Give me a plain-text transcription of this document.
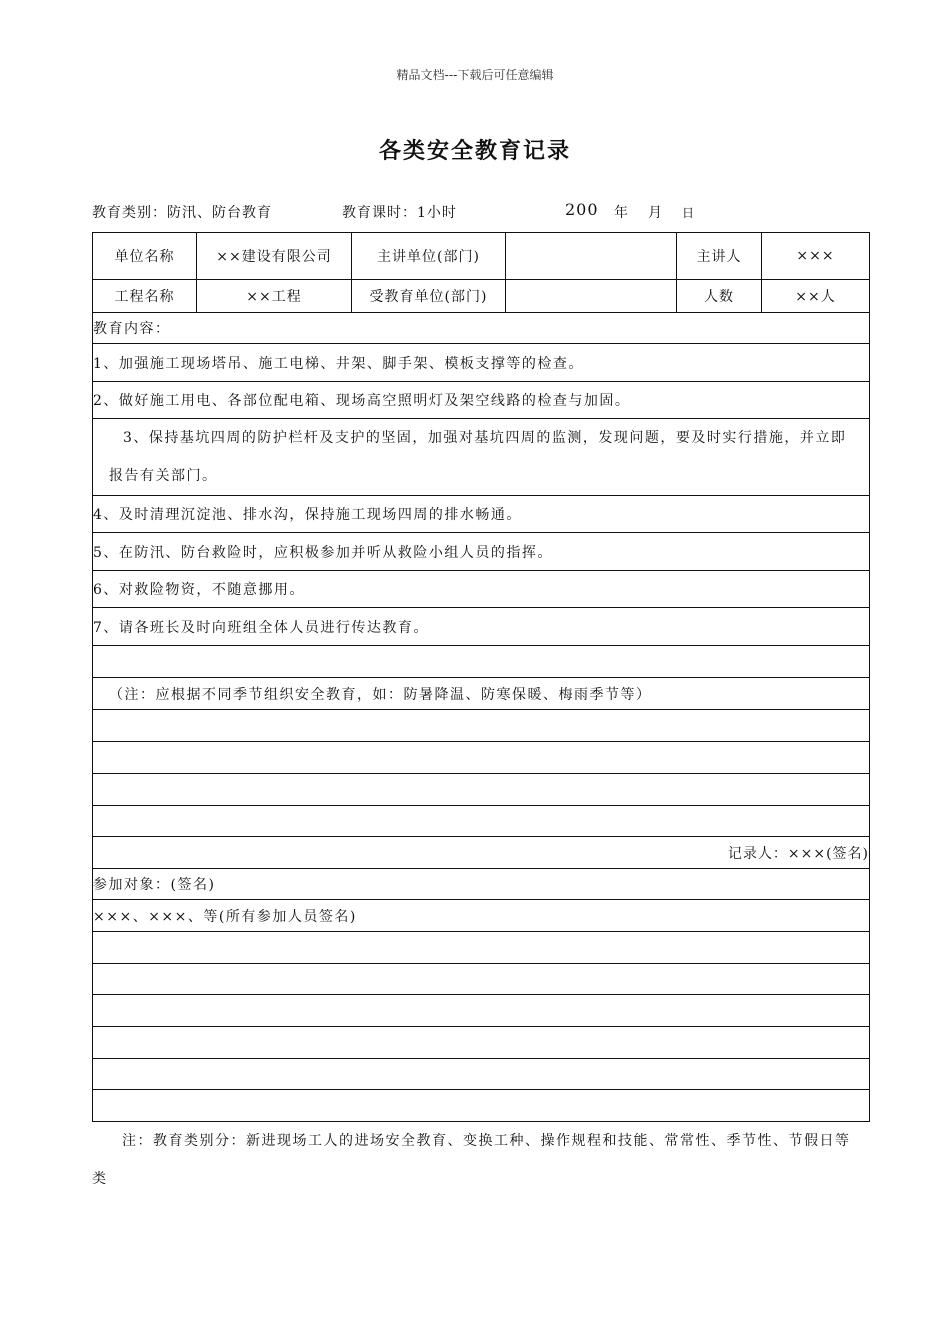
精品文档---下载后可任意编辑
各类安全教育记录
教育类别：防汛、防台教育	教育课时：1小时	200 年 月 日
单位名称	××建设有限公司	主讲单位(部门)		主讲人	×××
工程名称	××工程	受教育单位(部门)		人数	××人
教育内容：					
1、加强施工现场塔吊、施工电梯、井架、脚手架、模板支撑等的检查。					
2、做好施工用电、各部位配电箱、现场高空照明灯及架空线路的检查与加固。					

3、保持基坑四周的防护栏杆及支护的坚固，加强对基坑四周的监测，发现问题，要及时实行措施，并立即报告有关部门。					

4、及时清理沉淀池、排水沟，保持施工现场四周的排水畅通。					
5、在防汛、防台救险时，应积极参加并听从救险小组人员的指挥。					
6、对救险物资，不随意挪用。					
7、请各班长及时向班组全体人员进行传达教育。					

（注：应根据不同季节组织安全教育，如：防暑降温、防寒保暖、梅雨季节等）					

记录人：×××(签名)					
参加对象：(签名)					
×××、×××、等(所有参加人员签名)					

注：教育类别分：新进现场工人的进场安全教育、变换工种、操作规程和技能、常常性、季节性、节假日等类
